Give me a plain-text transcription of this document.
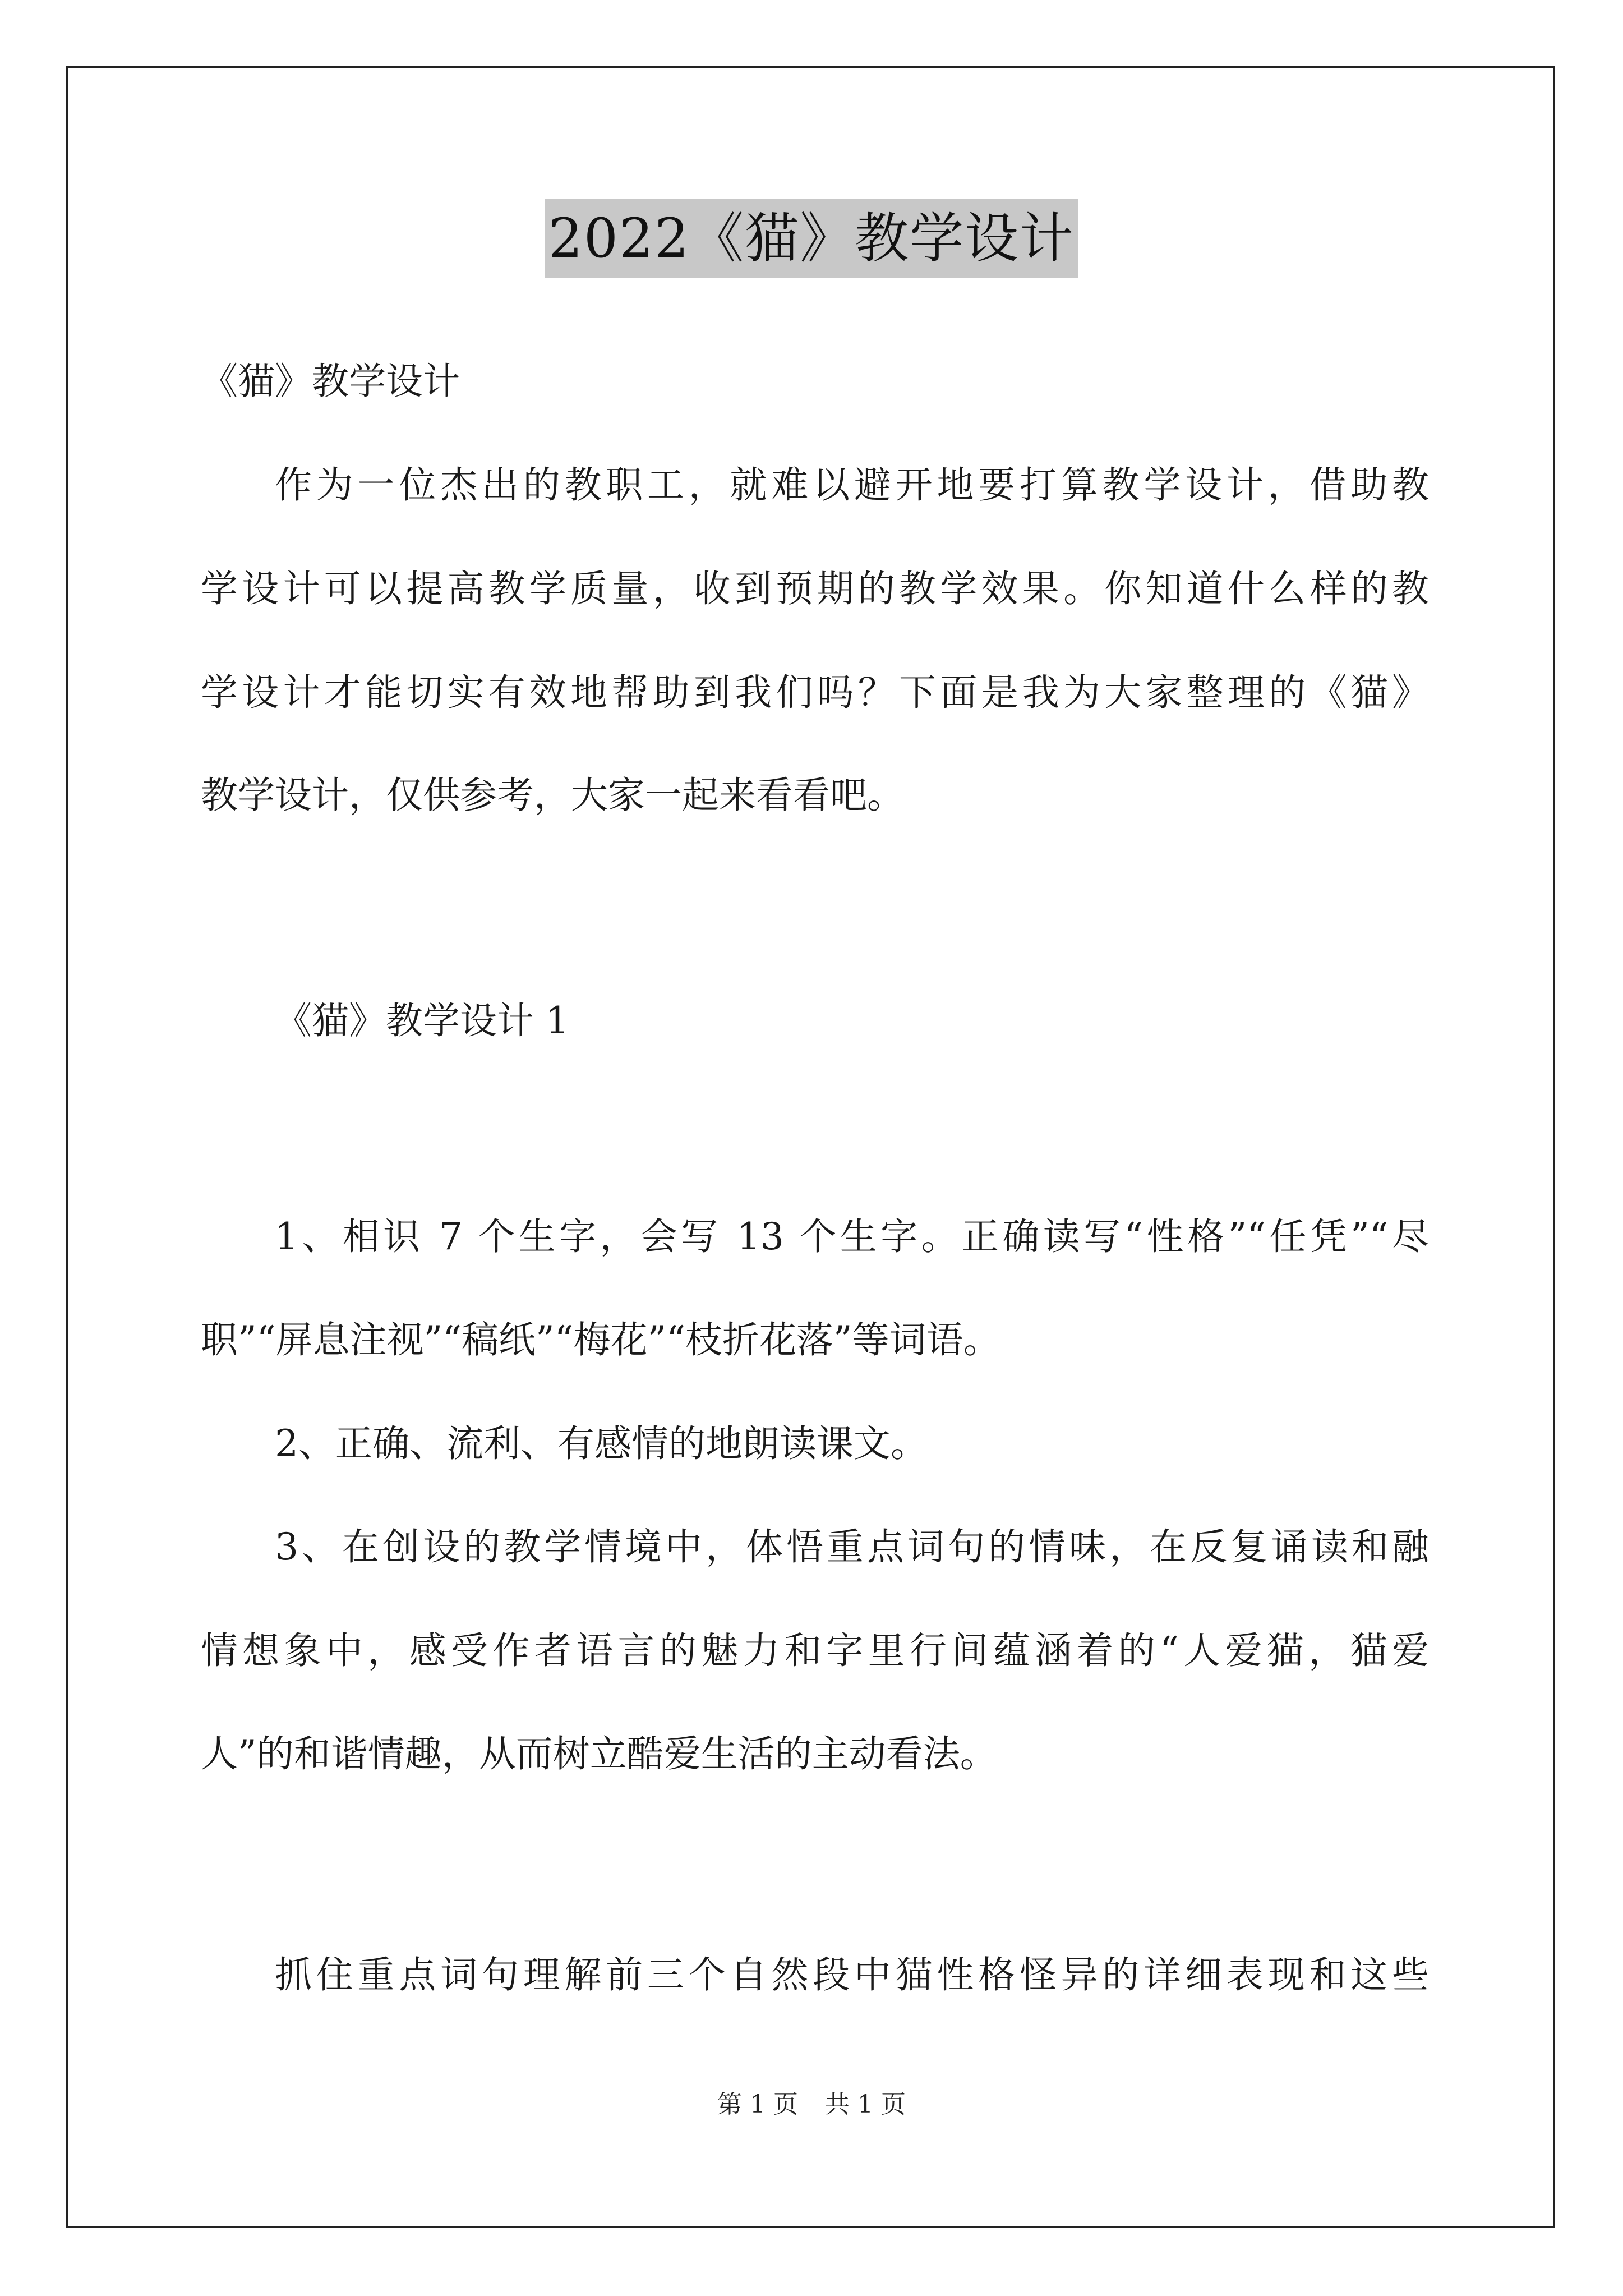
2022《猫》教学设计
《猫》教学设计
作为一位杰出的教职工，就难以避开地要打算教学设计，借助教
学设计可以提高教学质量，收到预期的教学效果。你知道什么样的教
学设计才能切实有效地帮助到我们吗？下面是我为大家整理的《猫》
教学设计，仅供参考，大家一起来看看吧。
《猫》教学设计 1
1、相识 7 个生字，会写 13 个生字。正确读写“性格”“任凭”“尽
职”“屏息注视”“稿纸”“梅花”“枝折花落”等词语。
2、正确、流利、有感情的地朗读课文。
3、在创设的教学情境中，体悟重点词句的情味，在反复诵读和融
情想象中，感受作者语言的魅力和字里行间蕴涵着的“人爱猫，猫爱
人”的和谐情趣，从而树立酷爱生活的主动看法。
抓住重点词句理解前三个自然段中猫性格怪异的详细表现和这些
第 1 页 共 1 页
